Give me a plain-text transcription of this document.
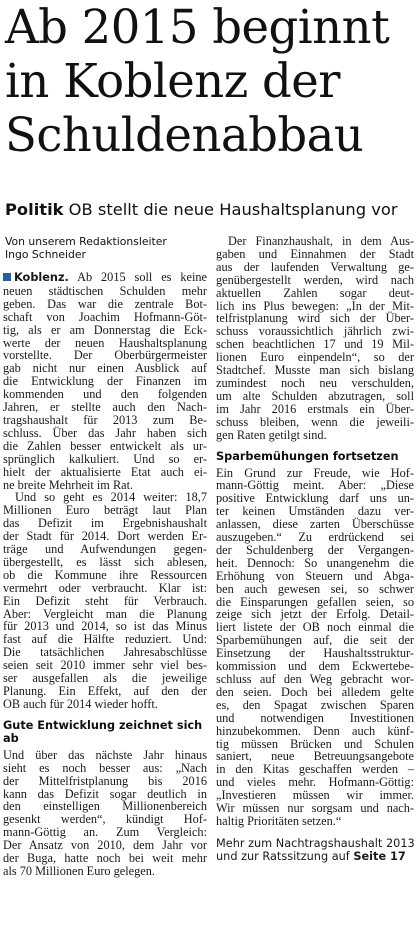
Ab 2015 beginnt
in Koblenz der
Schuldenabbau
Politik OB stellt die neue Haushaltsplanung vor
Von unserem Redaktionsleiter
Ingo Schneider
Koblenz. Ab 2015 soll es keine
neuen städtischen Schulden mehr
geben. Das war die zentrale Bot-
schaft von Joachim Hofmann-Göt-
tig, als er am Donnerstag die Eck-
werte der neuen Haushaltsplanung
vorstellte. Der Oberbürgermeister
gab nicht nur einen Ausblick auf
die Entwicklung der Finanzen im
kommenden und den folgenden
Jahren, er stellte auch den Nach-
tragshaushalt für 2013 zum Be-
schluss. Über das Jahr haben sich
die Zahlen besser entwickelt als ur-
sprünglich kalkuliert. Und so er-
hielt der aktualisierte Etat auch ei-
ne breite Mehrheit im Rat.
Und so geht es 2014 weiter: 18,7
Millionen Euro beträgt laut Plan
das Defizit im Ergebnishaushalt
der Stadt für 2014. Dort werden Er-
träge und Aufwendungen gegen-
übergestellt, es lässt sich ablesen,
ob die Kommune ihre Ressourcen
vermehrt oder verbraucht. Klar ist:
Ein Defizit steht für Verbrauch.
Aber: Vergleicht man die Planung
für 2013 und 2014, so ist das Minus
fast auf die Hälfte reduziert. Und:
Die tatsächlichen Jahresabschlüsse
seien seit 2010 immer sehr viel bes-
ser ausgefallen als die jeweilige
Planung. Ein Effekt, auf den der
OB auch für 2014 wieder hofft.
Gute Entwicklung zeichnet sich ab
Und über das nächste Jahr hinaus
sieht es noch besser aus: „Nach
der Mittelfristplanung bis 2016
kann das Defizit sogar deutlich in
den einstelligen Millionenbereich
gesenkt werden“, kündigt Hof-
mann-Göttig an. Zum Vergleich:
Der Ansatz von 2010, dem Jahr vor
der Buga, hatte noch bei weit mehr
als 70 Millionen Euro gelegen.
Der Finanzhaushalt, in dem Aus-
gaben und Einnahmen der Stadt
aus der laufenden Verwaltung ge-
genübergestellt werden, wird nach
aktuellen Zahlen sogar deut-
lich ins Plus bewegen: „In der Mit-
telfristplanung wird sich der Über-
schuss voraussichtlich jährlich zwi-
schen beachtlichen 17 und 19 Mil-
lionen Euro einpendeln“, so der
Stadtchef. Musste man sich bislang
zumindest noch neu verschulden,
um alte Schulden abzutragen, soll
im Jahr 2016 erstmals ein Über-
schuss bleiben, wenn die jeweili-
gen Raten getilgt sind.
Sparbemühungen fortsetzen
Ein Grund zur Freude, wie Hof-
mann-Göttig meint. Aber: „Diese
positive Entwicklung darf uns un-
ter keinen Umständen dazu ver-
anlassen, diese zarten Überschüsse
auszugeben.“ Zu erdrückend sei
der Schuldenberg der Vergangen-
heit. Dennoch: So unangenehm die
Erhöhung von Steuern und Abga-
ben auch gewesen sei, so schwer
die Einsparungen gefallen seien, so
zeige sich jetzt der Erfolg. Detail-
liert listete der OB noch einmal die
Sparbemühungen auf, die seit der
Einsetzung der Haushaltsstruktur-
kommission und dem Eckwertebe-
schluss auf den Weg gebracht wor-
den seien. Doch bei alledem gelte
es, den Spagat zwischen Sparen
und notwendigen Investitionen
hinzubekommen. Denn auch künf-
tig müssen Brücken und Schulen
saniert, neue Betreuungsangebote
in den Kitas geschaffen werden –
und vieles mehr. Hofmann-Göttig:
„Investieren müssen wir immer.
Wir müssen nur sorgsam und nach-
haltig Prioritäten setzen.“
Mehr zum Nachtragshaushalt 2013
und zur Ratssitzung auf Seite 17
